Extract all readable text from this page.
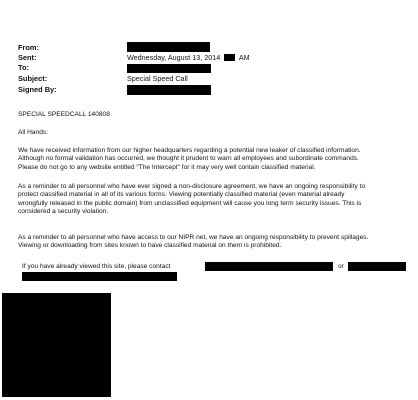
From:
Sent:	Wednesday, August 13, 2014	AM
To:
Subject:	Special Speed Call
Signed By:
SPECIAL SPEEDCALL 140808
All Hands:
We have received information from our higher headquarters regarding a potential new leaker of classified information.
Although no formal validation has occurred, we thought it prudent to warn all employees and subordinate commands.
Please do not go to any website entitled "The Intercept" for it may very well contain classified material.
As a reminder to all personnel who have ever signed a non-disclosure agreement, we have an ongoing responsibility to
protect classified material in all of its various forms. Viewing potentially classified material (even material already
wrongfully released in the public domain) from unclassified equipment will cause you long term security issues. This is
considered a security violation.
As a reminder to all personnel who have access to our NIPR net, we have an ongoing responsibility to prevent spillages.
Viewing or downloading from sites known to have classified material on them is prohibited.
If you have already viewed this site, please contact	or
